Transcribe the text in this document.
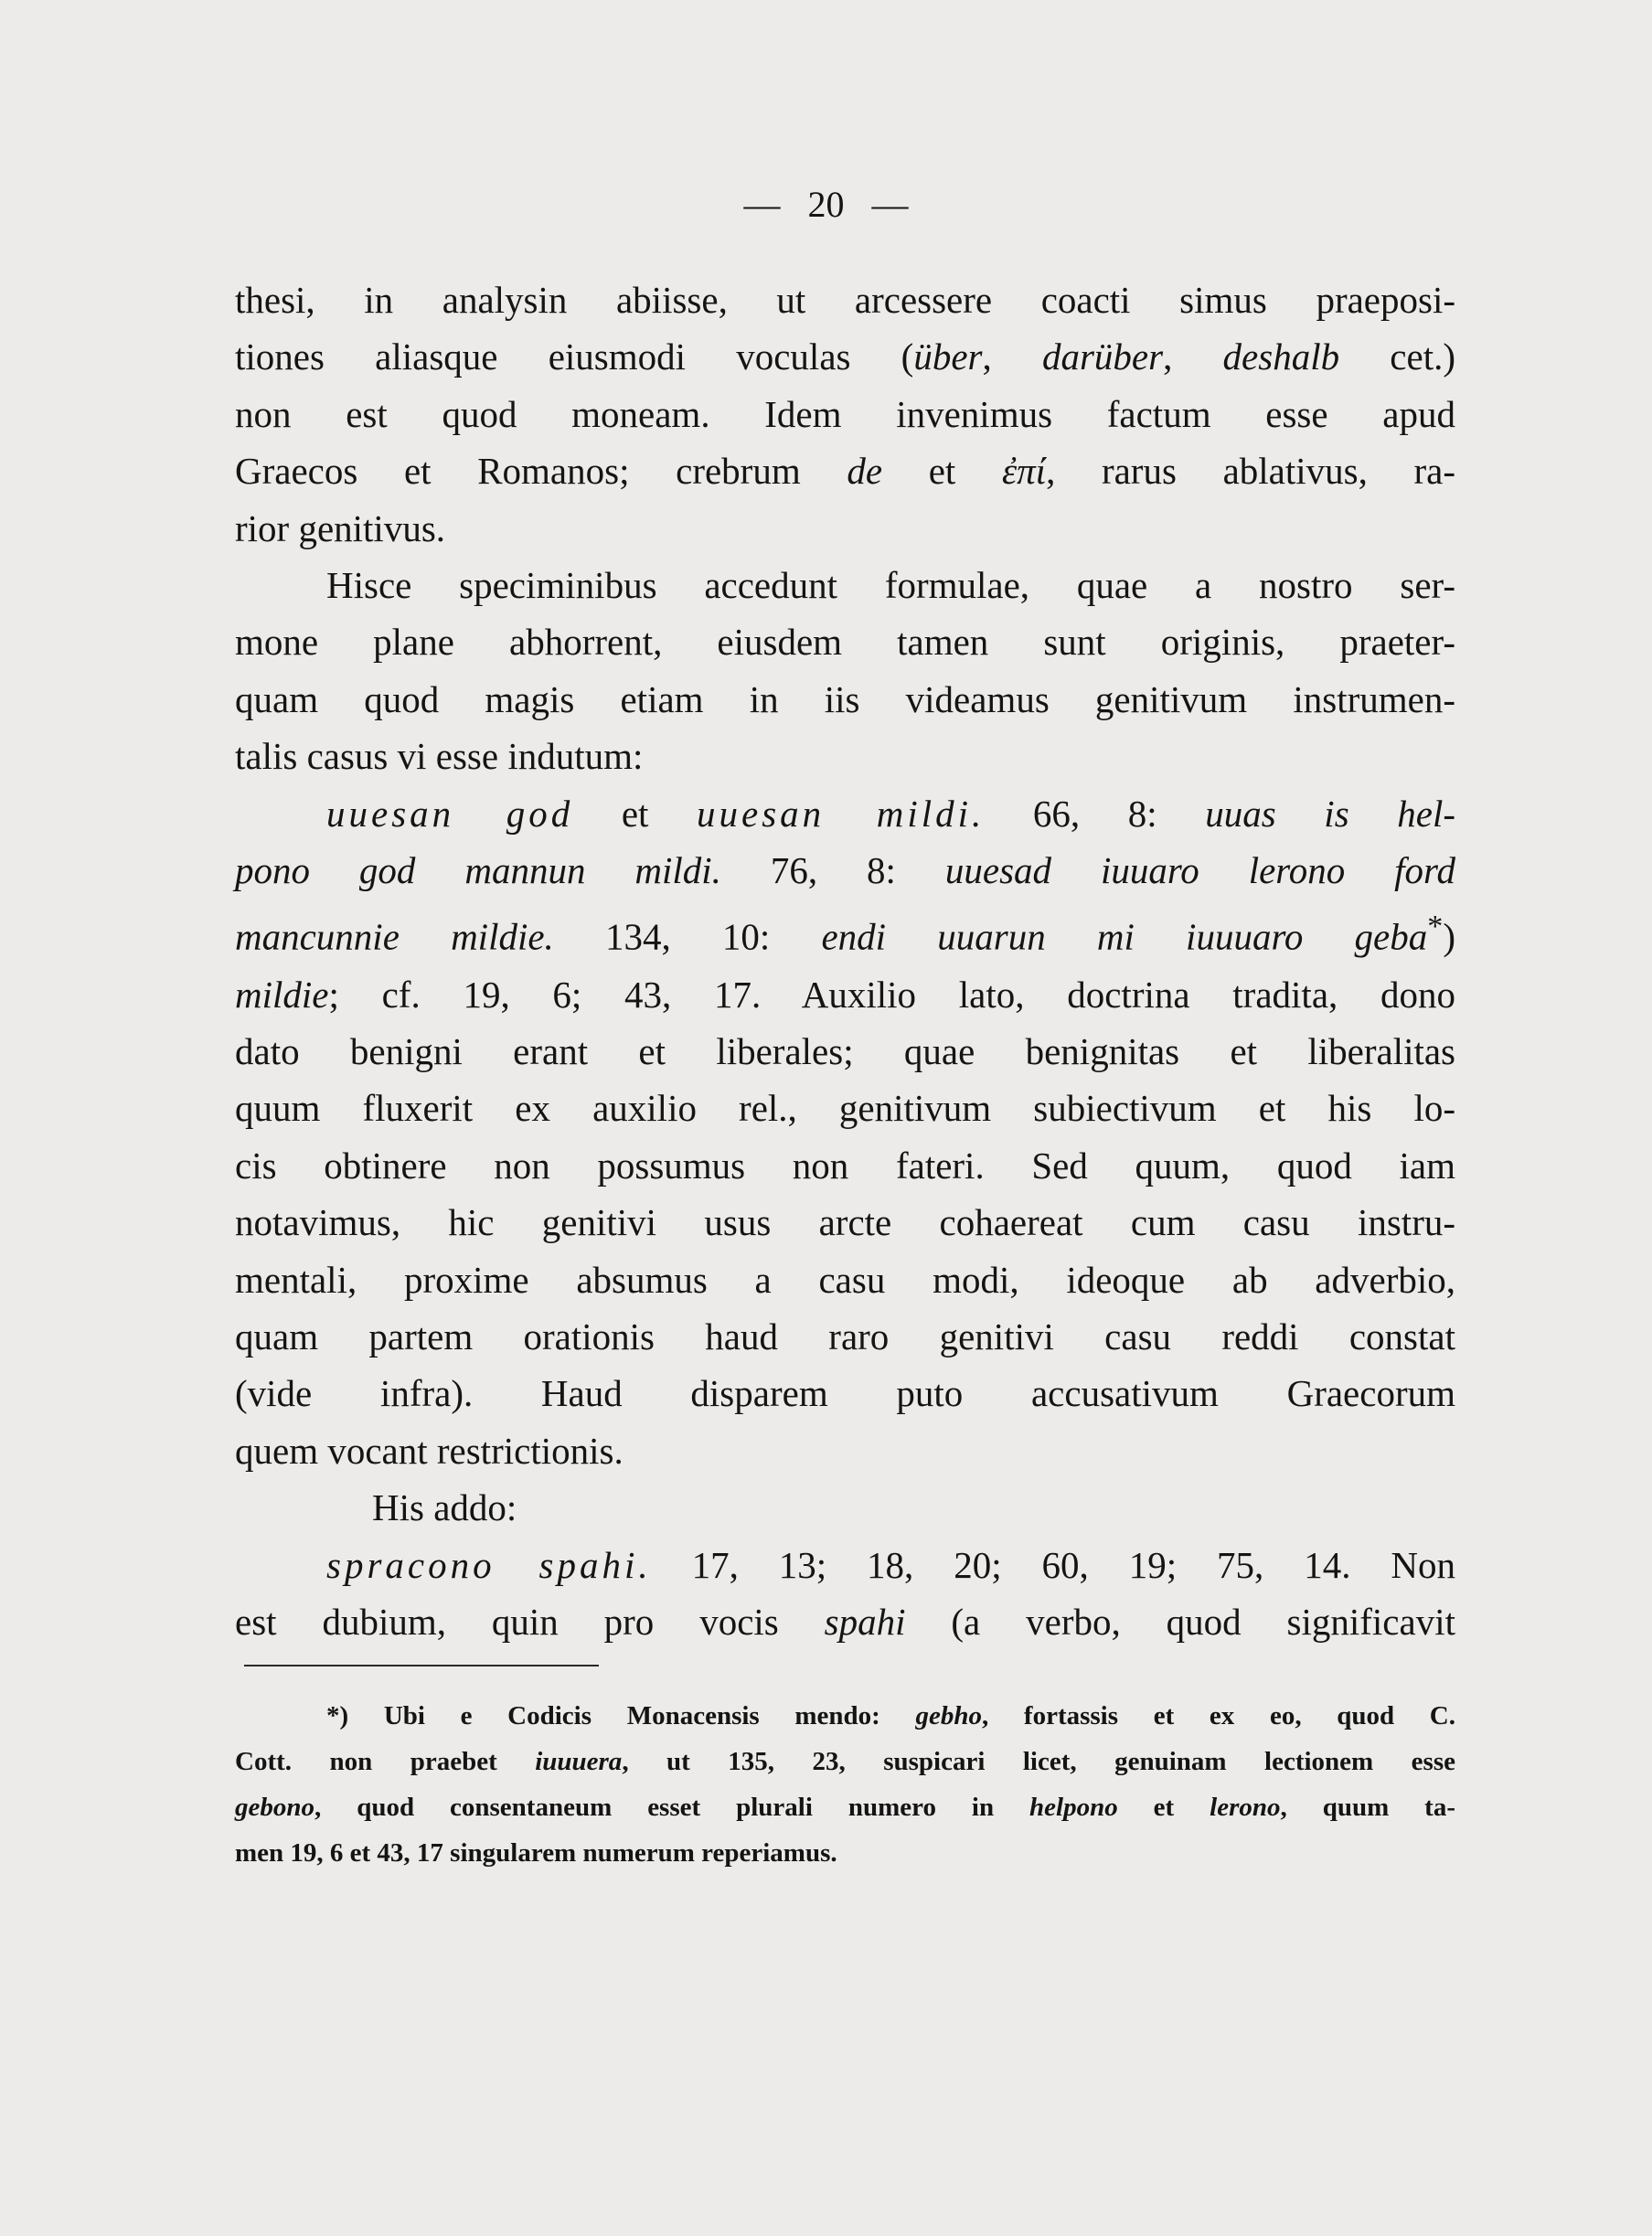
— 20 —
thesi, in analysin abiisse, ut arcessere coacti simus praeposi-
tiones aliasque eiusmodi voculas (über, darüber, deshalb cet.)
non est quod moneam. Idem invenimus factum esse apud
Graecos et Romanos; crebrum de et ἐπί, rarus ablativus, ra-
rior genitivus.
Hisce speciminibus accedunt formulae, quae a nostro ser-
mone plane abhorrent, eiusdem tamen sunt originis, praeter-
quam quod magis etiam in iis videamus genitivum instrumen-
talis casus vi esse indutum:
uuesan god et uuesan mildi. 66, 8: uuas is hel-
pono god mannun mildi. 76, 8: uuesad iuuaro lerono ford
mancunnie mildie. 134, 10: endi uuarun mi iuuuaro geba*)
mildie; cf. 19, 6; 43, 17. Auxilio lato, doctrina tradita, dono
dato benigni erant et liberales; quae benignitas et liberalitas
quum fluxerit ex auxilio rel., genitivum subiectivum et his lo-
cis obtinere non possumus non fateri. Sed quum, quod iam
notavimus, hic genitivi usus arcte cohaereat cum casu instru-
mentali, proxime absumus a casu modi, ideoque ab adverbio,
quam partem orationis haud raro genitivi casu reddi constat
(vide infra). Haud disparem puto accusativum Graecorum
quem vocant restrictionis.
His addo:
spracono spahi. 17, 13; 18, 20; 60, 19; 75, 14. Non
est dubium, quin pro vocis spahi (a verbo, quod significavit
*) Ubi e Codicis Monacensis mendo: gebho, fortassis et ex eo, quod C.
Cott. non praebet iuuuera, ut 135, 23, suspicari licet, genuinam lectionem esse
gebono, quod consentaneum esset plurali numero in helpono et lerono, quum ta-
men 19, 6 et 43, 17 singularem numerum reperiamus.
